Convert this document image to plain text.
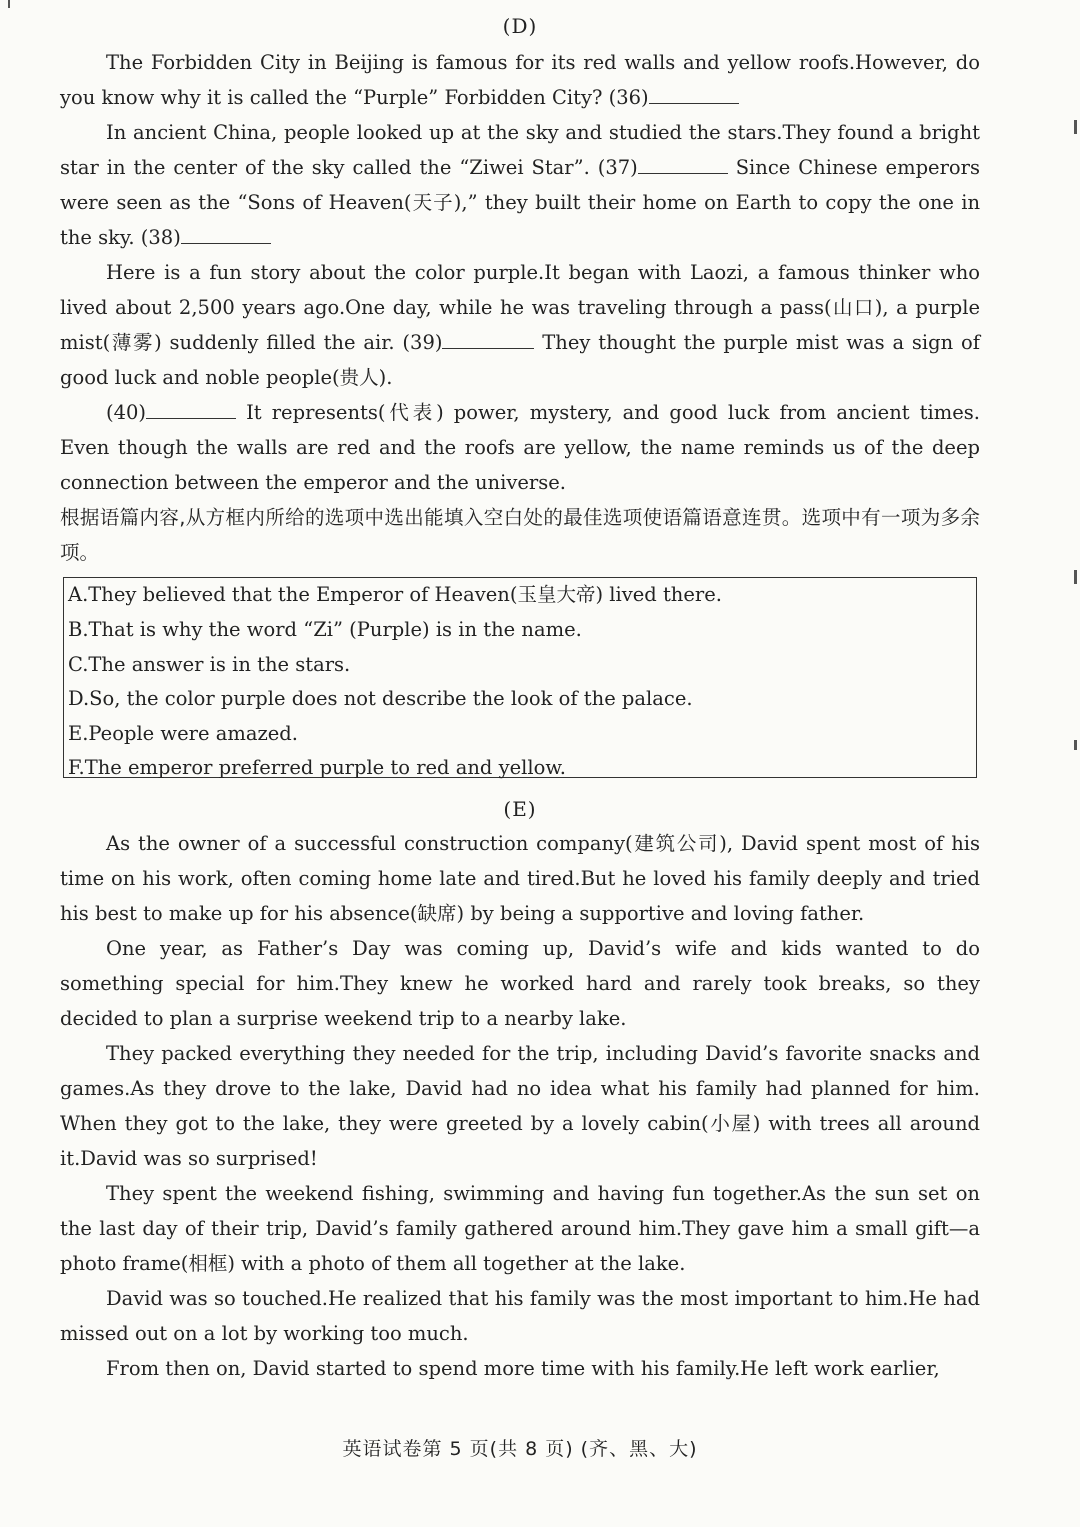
(D)

The Forbidden City in Beijing is famous for its red walls and yellow roofs.However, do you know why it is called the “Purple” Forbidden City? (36)

In ancient China, people looked up at the sky and studied the stars.They found a bright star in the center of the sky called the “Ziwei Star”. (37)	Since Chinese emperors were seen as the “Sons of Heaven(天子),” they built their home on Earth to copy the one in the sky. (38)

Here is a fun story about the color purple.It began with Laozi, a famous thinker who lived about 2,500 years ago.One day, while he was traveling through a pass(山口), a purple mist(薄雾) suddenly filled the air. (39)	They thought the purple mist was a sign of good luck and noble people(贵人).

(40)	It represents(代表) power, mystery, and good luck from ancient times. Even though the walls are red and the roofs are yellow, the name reminds us of the deep connection between the emperor and the universe.

根据语篇内容,从方框内所给的选项中选出能填入空白处的最佳选项使语篇语意连贯。选项中有一项为多余项。

A.They believed that the Emperor of Heaven(玉皇大帝) lived there.
B.That is why the word “Zi” (Purple) is in the name.
C.The answer is in the stars.
D.So, the color purple does not describe the look of the palace.
E.People were amazed.
F.The emperor preferred purple to red and yellow.
(E)

As the owner of a successful construction company(建筑公司), David spent most of his time on his work, often coming home late and tired.But he loved his family deeply and tried his best to make up for his absence(缺席) by being a supportive and loving father.

One year, as Father’s Day was coming up, David’s wife and kids wanted to do something special for him.They knew he worked hard and rarely took breaks, so they decided to plan a surprise weekend trip to a nearby lake.

They packed everything they needed for the trip, including David’s favorite snacks and games.As they drove to the lake, David had no idea what his family had planned for him. When they got to the lake, they were greeted by a lovely cabin(小屋) with trees all around it.David was so surprised!

They spent the weekend fishing, swimming and having fun together.As the sun set on the last day of their trip, David’s family gathered around him.They gave him a small gift—a photo frame(相框) with a photo of them all together at the lake.

David was so touched.He realized that his family was the most important to him.He had missed out on a lot by working too much.

From then on, David started to spend more time with his family.He left work earlier,

英语试卷第 5 页(共 8 页) (齐、黑、大)
